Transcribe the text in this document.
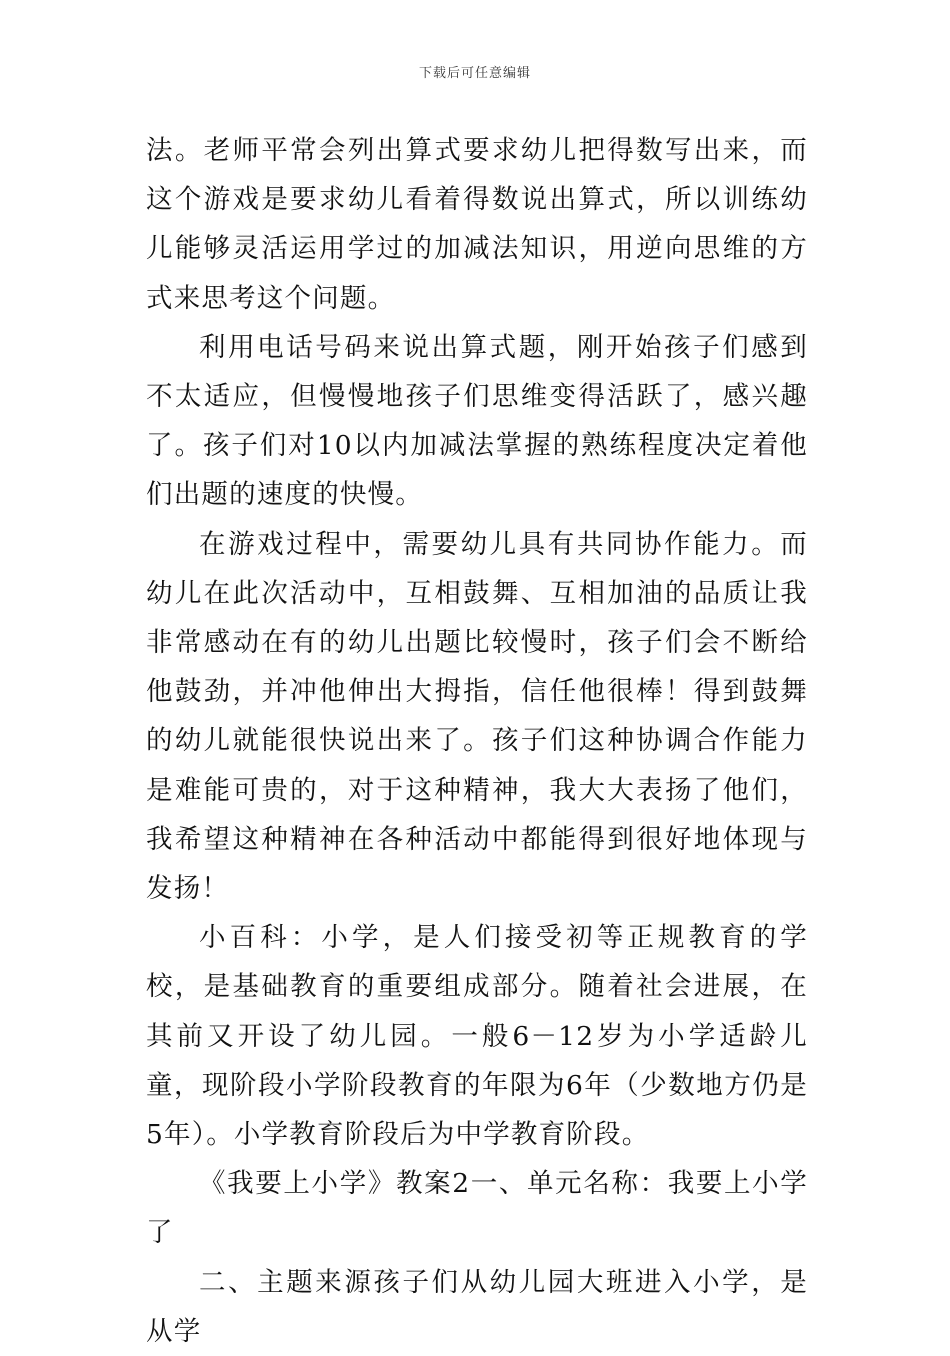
下载后可任意编辑

法。老师平常会列出算式要求幼儿把得数写出来，而这个游戏是要求幼儿看着得数说出算式，所以训练幼儿能够灵活运用学过的加减法知识，用逆向思维的方式来思考这个问题。

利用电话号码来说出算式题，刚开始孩子们感到不太适应，但慢慢地孩子们思维变得活跃了，感兴趣了。孩子们对10以内加减法掌握的熟练程度决定着他们出题的速度的快慢。

在游戏过程中，需要幼儿具有共同协作能力。而幼儿在此次活动中，互相鼓舞、互相加油的品质让我非常感动在有的幼儿出题比较慢时，孩子们会不断给他鼓劲，并冲他伸出大拇指，信任他很棒！得到鼓舞的幼儿就能很快说出来了。孩子们这种协调合作能力是难能可贵的，对于这种精神，我大大表扬了他们，我希望这种精神在各种活动中都能得到很好地体现与发扬！

小百科：小学，是人们接受初等正规教育的学校，是基础教育的重要组成部分。随着社会进展，在其前又开设了幼儿园。一般6－12岁为小学适龄儿童，现阶段小学阶段教育的年限为6年（少数地方仍是5年）。小学教育阶段后为中学教育阶段。

《我要上小学》教案2一、单元名称：我要上小学了

二、主题来源孩子们从幼儿园大班进入小学，是从学
